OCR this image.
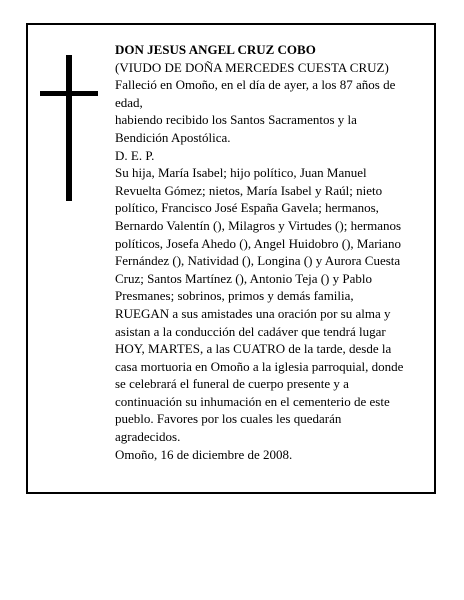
DON JESUS ANGEL CRUZ COBO
(VIUDO DE DOÑA MERCEDES CUESTA CRUZ)
Falleció en Omoño, en el día de ayer, a los 87 años de
edad,
habiendo recibido los Santos Sacramentos y la
Bendición Apostólica.
D. E. P.
Su hija, María Isabel; hijo político, Juan Manuel
Revuelta Gómez; nietos, María Isabel y Raúl; nieto
político, Francisco José España Gavela; hermanos,
Bernardo Valentín (), Milagros y Virtudes (); hermanos
políticos, Josefa Ahedo (), Angel Huidobro (), Mariano
Fernández (), Natividad (), Longina () y Aurora Cuesta
Cruz; Santos Martínez (), Antonio Teja () y Pablo
Presmanes; sobrinos, primos y demás familia,
RUEGAN a sus amistades una oración por su alma y
asistan a la conducción del cadáver que tendrá lugar
HOY, MARTES, a las CUATRO de la tarde, desde la
casa mortuoria en Omoño a la iglesia parroquial, donde
se celebrará el funeral de cuerpo presente y a
continuación su inhumación en el cementerio de este
pueblo. Favores por los cuales les quedarán
agradecidos.
Omoño, 16 de diciembre de 2008.
